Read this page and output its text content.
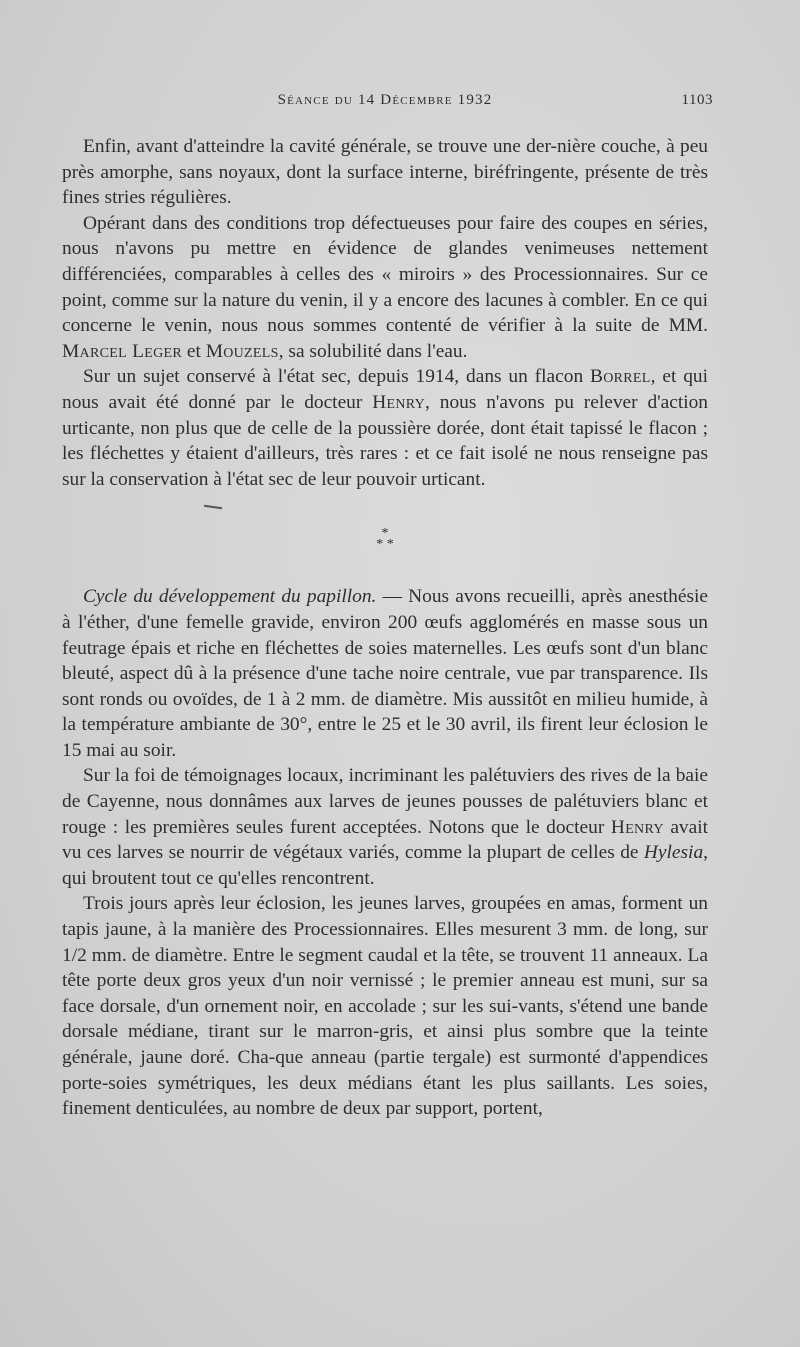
Séance du 14 Décembre 1932	1103

Enfin, avant d'atteindre la cavité générale, se trouve une der-nière couche, à peu près amorphe, sans noyaux, dont la surface interne, biréfringente, présente de très fines stries régulières.

Opérant dans des conditions trop défectueuses pour faire des coupes en séries, nous n'avons pu mettre en évidence de glandes venimeuses nettement différenciées, comparables à celles des « miroirs » des Processionnaires. Sur ce point, comme sur la nature du venin, il y a encore des lacunes à combler. En ce qui concerne le venin, nous nous sommes contenté de vérifier à la suite de MM. Marcel Leger et Mouzels, sa solubilité dans l'eau.

Sur un sujet conservé à l'état sec, depuis 1914, dans un flacon Borrel, et qui nous avait été donné par le docteur Henry, nous n'avons pu relever d'action urticante, non plus que de celle de la poussière dorée, dont était tapissé le flacon ; les fléchettes y étaient d'ailleurs, très rares : et ce fait isolé ne nous renseigne pas sur la conservation à l'état sec de leur pouvoir urticant.

*
* *

Cycle du développement du papillon. — Nous avons recueilli, après anesthésie à l'éther, d'une femelle gravide, environ 200 œufs agglomérés en masse sous un feutrage épais et riche en fléchettes de soies maternelles. Les œufs sont d'un blanc bleuté, aspect dû à la présence d'une tache noire centrale, vue par transparence. Ils sont ronds ou ovoïdes, de 1 à 2 mm. de diamètre. Mis aussitôt en milieu humide, à la température ambiante de 30°, entre le 25 et le 30 avril, ils firent leur éclosion le 15 mai au soir.

Sur la foi de témoignages locaux, incriminant les palétuviers des rives de la baie de Cayenne, nous donnâmes aux larves de jeunes pousses de palétuviers blanc et rouge : les premières seules furent acceptées. Notons que le docteur Henry avait vu ces larves se nourrir de végétaux variés, comme la plupart de celles de Hylesia, qui broutent tout ce qu'elles rencontrent.

Trois jours après leur éclosion, les jeunes larves, groupées en amas, forment un tapis jaune, à la manière des Processionnaires. Elles mesurent 3 mm. de long, sur 1/2 mm. de diamètre. Entre le segment caudal et la tête, se trouvent 11 anneaux. La tête porte deux gros yeux d'un noir vernissé ; le premier anneau est muni, sur sa face dorsale, d'un ornement noir, en accolade ; sur les sui-vants, s'étend une bande dorsale médiane, tirant sur le marron-gris, et ainsi plus sombre que la teinte générale, jaune doré. Cha-que anneau (partie tergale) est surmonté d'appendices porte-soies symétriques, les deux médians étant les plus saillants. Les soies, finement denticulées, au nombre de deux par support, portent,
